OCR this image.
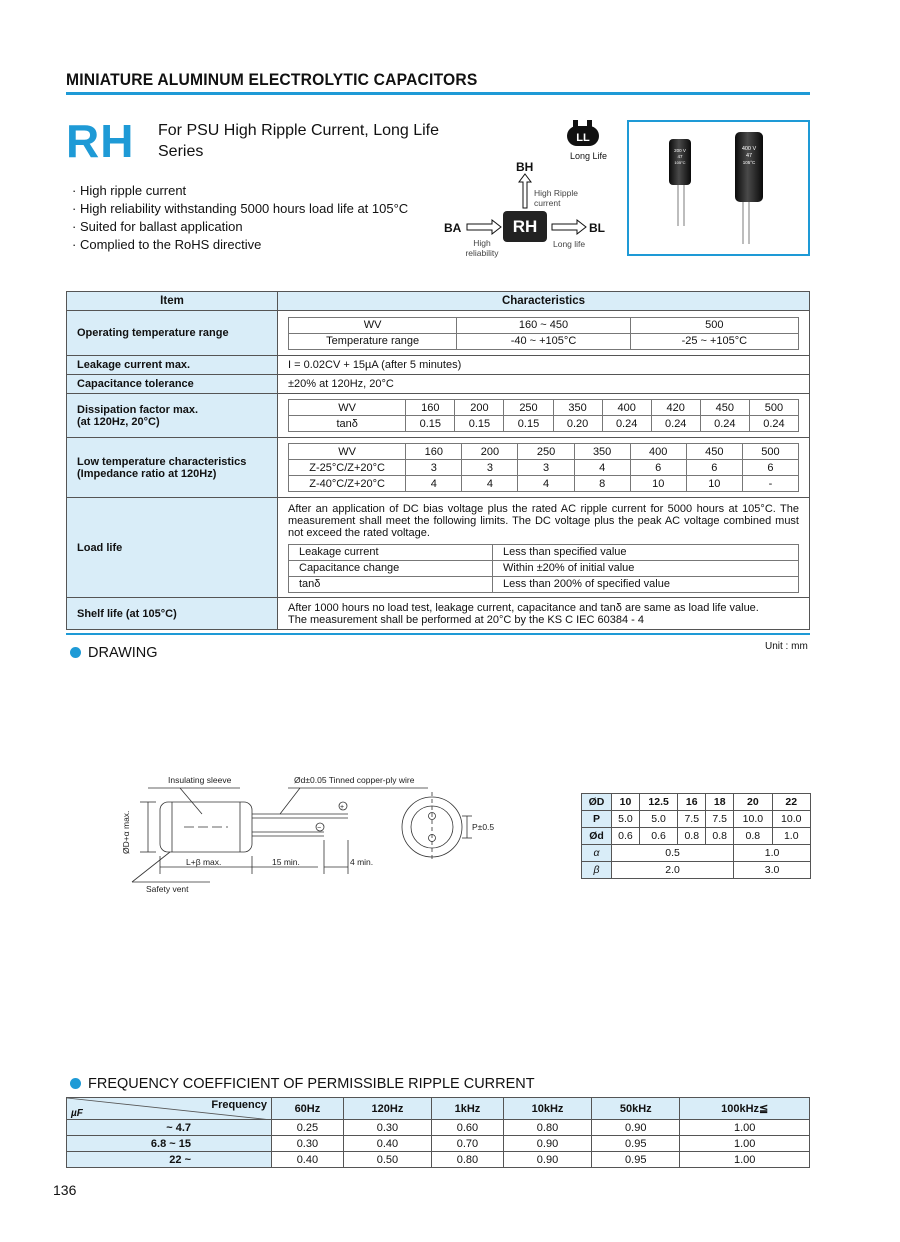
MINIATURE ALUMINUM ELECTROLYTIC CAPACITORS
RH For PSU High Ripple Current, Long Life Series
· High ripple current
· High reliability withstanding 5000 hours load life at 105°C
· Suited for ballast application
· Complied to the RoHS directive
LL
Long Life
BH
High Ripple current
BA
High reliability
RH	BL
Long life
200 V
47
105°C
400 V
47
105°C
Item	Characteristics
Operating temperature range	
WV	160 ~ 450	500
Temperature range	-40 ~ +105°C	-25 ~ +105°C

Leakage current max.	I = 0.02CV + 15µA (after 5 minutes)
Capacitance tolerance	±20% at 120Hz, 20°C

Dissipation factor max.
(at 120Hz, 20°C)

WV	160	200	250	350	400	420	450	500
tanδ	0.15	0.15	0.15	0.20	0.24	0.24	0.24	0.24

Low temperature characteristics
(Impedance ratio at 120Hz)

WV	160	200	250	350	400	450	500
Z-25°C/Z+20°C	3	3	3	4	6	6	6
Z-40°C/Z+20°C	4	4	4	8	10	10	-

Load life	
After an application of DC bias voltage plus the rated AC ripple current for 5000 hours at 105°C. The measurement shall meet the following limits. The DC voltage plus the peak AC voltage combined must not exceed the rated voltage.
Leakage current	Less than specified value
Capacitance change	Within ±20% of initial value
tanδ	Less than 200% of specified value

Shelf life (at 105°C)	After 1000 hours no load test, leakage current, capacitance and tanδ are same as load life value.
The measurement shall be performed at 20°C by the KS C IEC 60384 - 4
DRAWING	Unit : mm
Insulating sleeve	Ød±0.05 Tinned copper-ply wire
ØD+α max.
L+β max.	15 min.	4 min.
Safety vent
P±0.5
+
−
ØD	10	12.5	16	18	20	22
P	5.0	5.0	7.5	7.5	10.0	10.0
Ød	0.6	0.6	0.8	0.8	0.8	1.0
α	0.5				1.0	
β	2.0				3.0	
FREQUENCY COEFFICIENT OF PERMISSIBLE RIPPLE CURRENT
Frequency
µF	60Hz	120Hz	1kHz	10kHz	50kHz	100kHz≦
~ 4.7	0.25	0.30	0.60	0.80	0.90	1.00
6.8 ~ 15	0.30	0.40	0.70	0.90	0.95	1.00
22 ~	0.40	0.50	0.80	0.90	0.95	1.00
136
